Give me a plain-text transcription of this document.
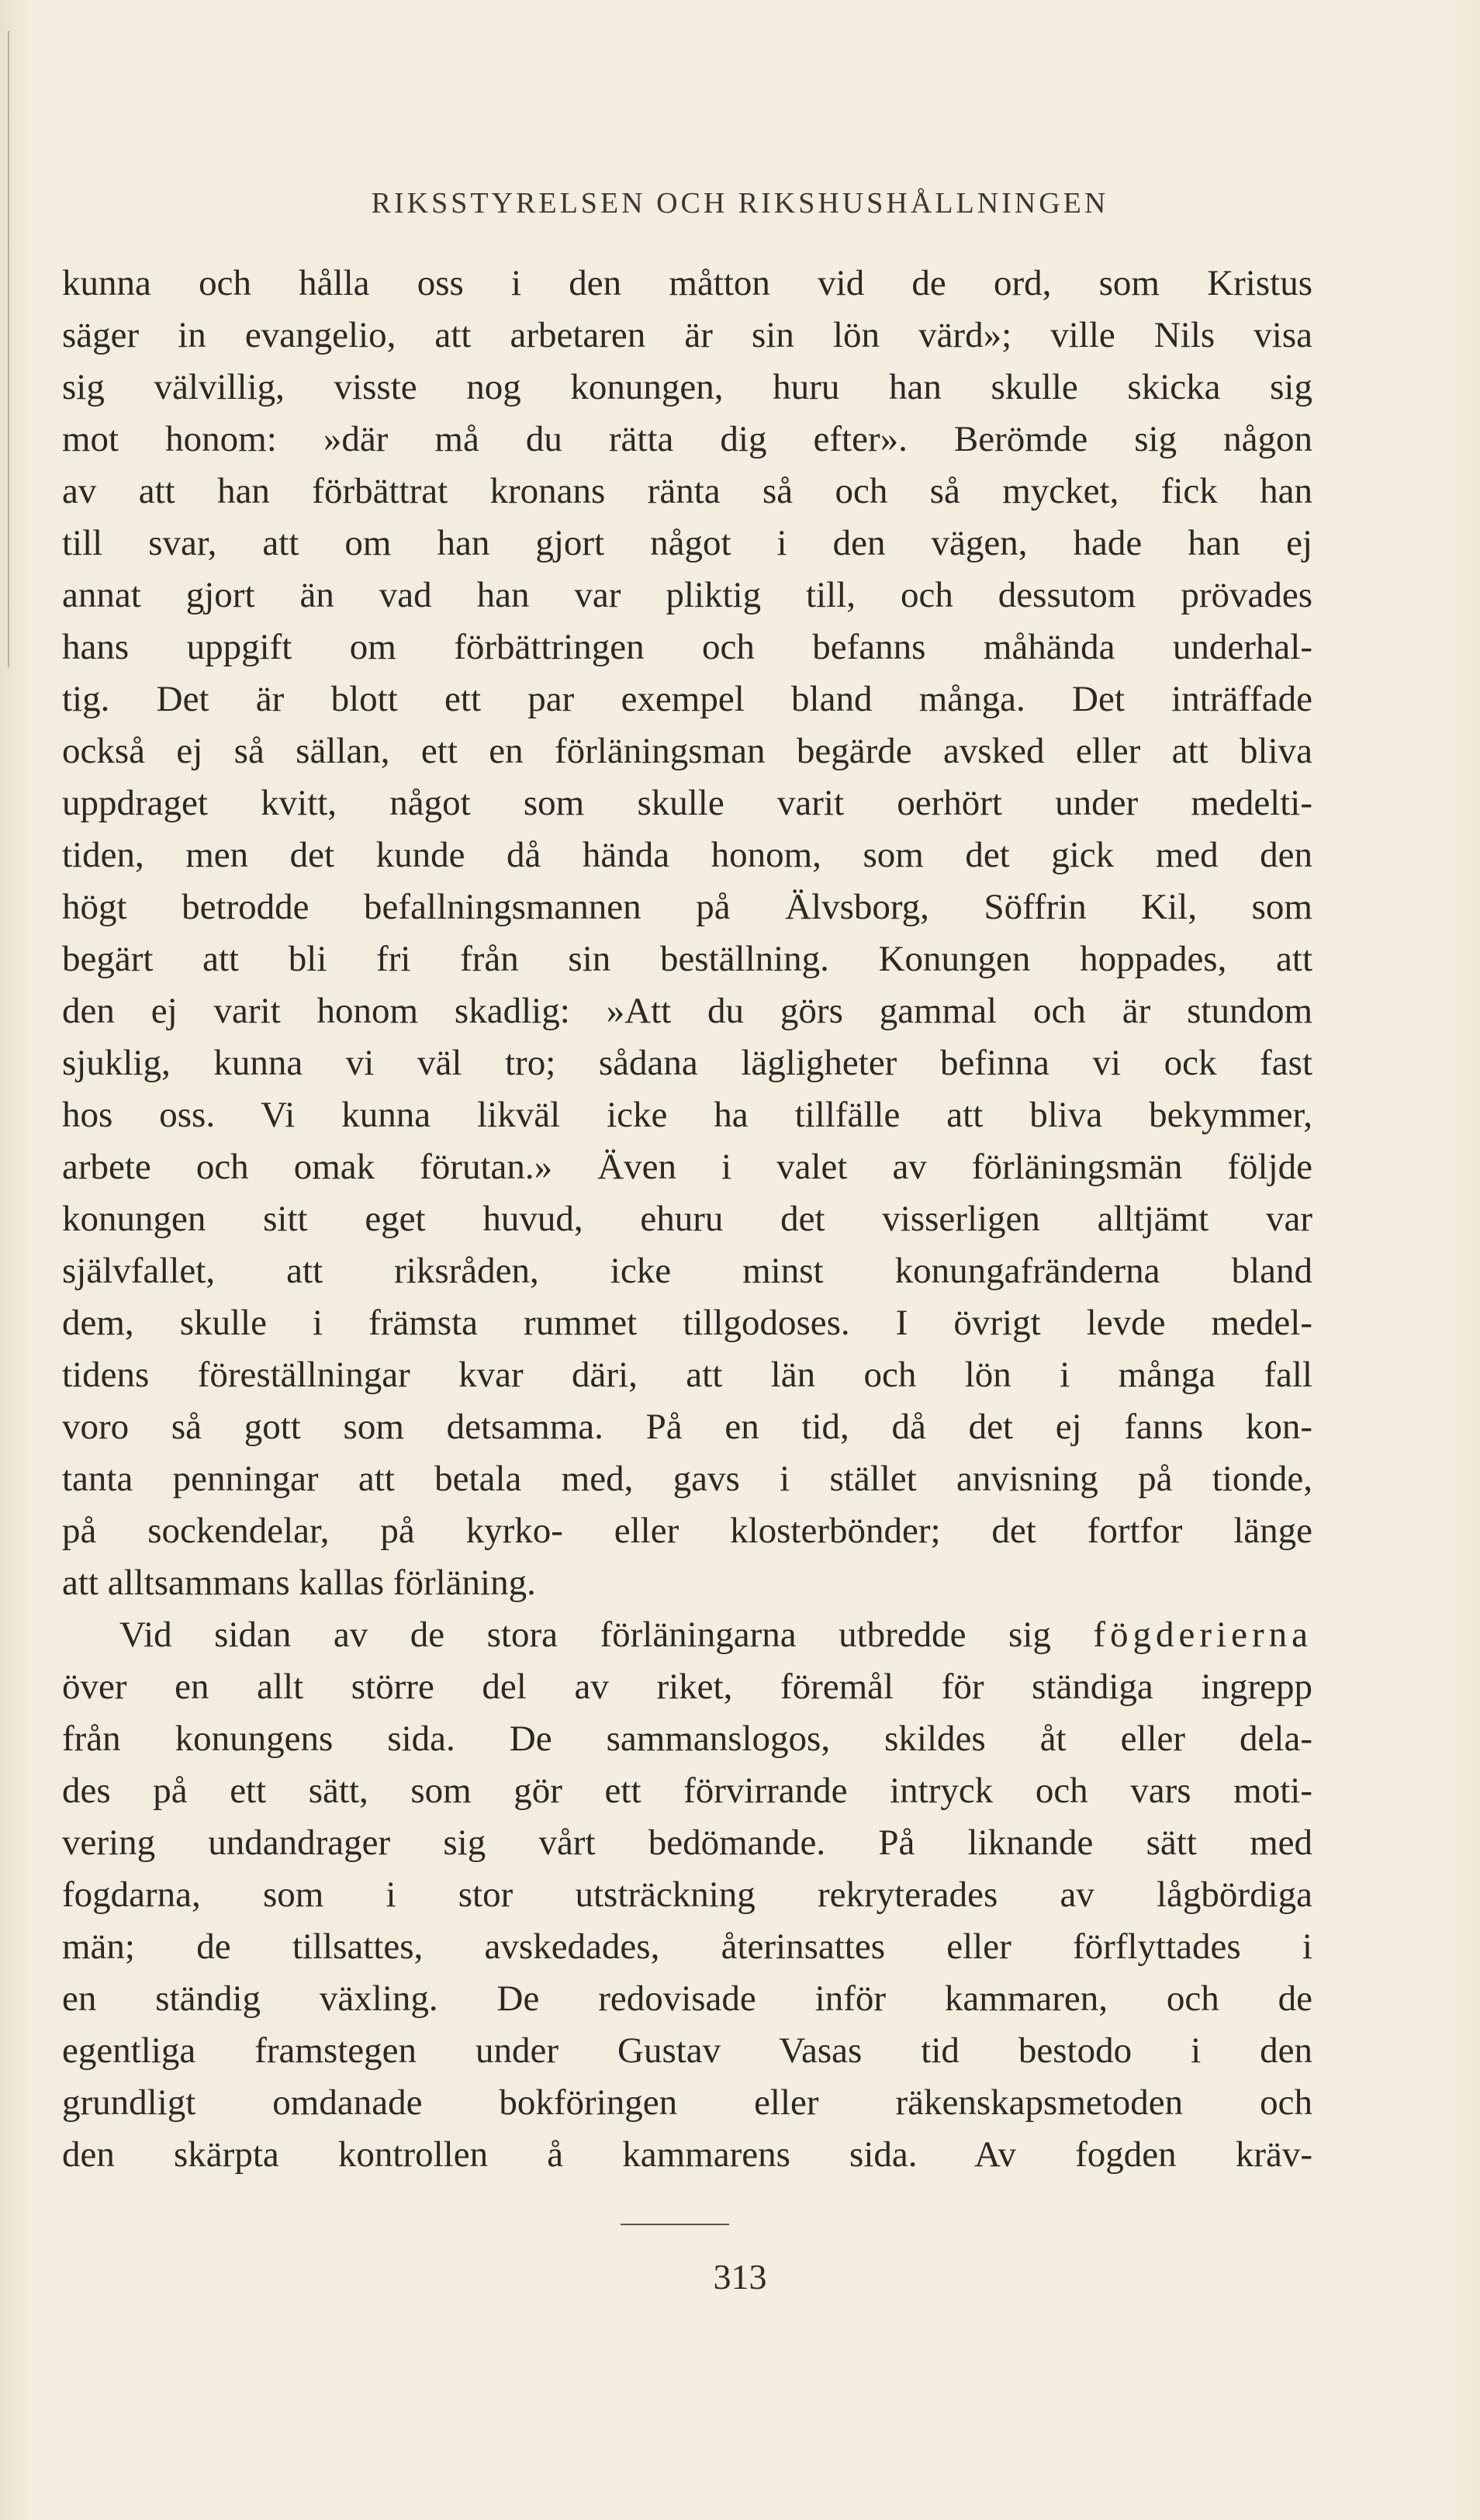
RIKSSTYRELSEN OCH RIKSHUSHÅLLNINGEN
kunna och hålla oss i den måtton vid de ord, som Kristus
säger in evangelio, att arbetaren är sin lön värd»; ville Nils visa
sig välvillig, visste nog konungen, huru han skulle skicka sig
mot honom: »där må du rätta dig efter». Berömde sig någon
av att han förbättrat kronans ränta så och så mycket, fick han
till svar, att om han gjort något i den vägen, hade han ej
annat gjort än vad han var pliktig till, och dessutom prövades
hans uppgift om förbättringen och befanns måhända underhal-
tig. Det är blott ett par exempel bland många. Det inträffade
också ej så sällan, ett en förläningsman begärde avsked eller att bliva
uppdraget kvitt, något som skulle varit oerhört under medelti-
tiden, men det kunde då hända honom, som det gick med den
högt betrodde befallningsmannen på Älvsborg, Söffrin Kil, som
begärt att bli fri från sin beställning. Konungen hoppades, att
den ej varit honom skadlig: »Att du görs gammal och är stundom
sjuklig, kunna vi väl tro; sådana lägligheter befinna vi ock fast
hos oss. Vi kunna likväl icke ha tillfälle att bliva bekymmer,
arbete och omak förutan.» Även i valet av förläningsmän följde
konungen sitt eget huvud, ehuru det visserligen alltjämt var
självfallet, att riksråden, icke minst konungafränderna bland
dem, skulle i främsta rummet tillgodoses. I övrigt levde medel-
tidens föreställningar kvar däri, att län och lön i många fall
voro så gott som detsamma. På en tid, då det ej fanns kon-
tanta penningar att betala med, gavs i stället anvisning på tionde,
på sockendelar, på kyrko- eller klosterbönder; det fortfor länge
att alltsammans kallas förläning.
Vid sidan av de stora förläningarna utbredde sig fögderierna
över en allt större del av riket, föremål för ständiga ingrepp
från konungens sida. De sammanslogos, skildes åt eller dela-
des på ett sätt, som gör ett förvirrande intryck och vars moti-
vering undandrager sig vårt bedömande. På liknande sätt med
fogdarna, som i stor utsträckning rekryterades av lågbördiga
män; de tillsattes, avskedades, återinsattes eller förflyttades i
en ständig växling. De redovisade inför kammaren, och de
egentliga framstegen under Gustav Vasas tid bestodo i den
grundligt omdanade bokföringen eller räkenskapsmetoden och
den skärpta kontrollen å kammarens sida. Av fogden kräv-
313
